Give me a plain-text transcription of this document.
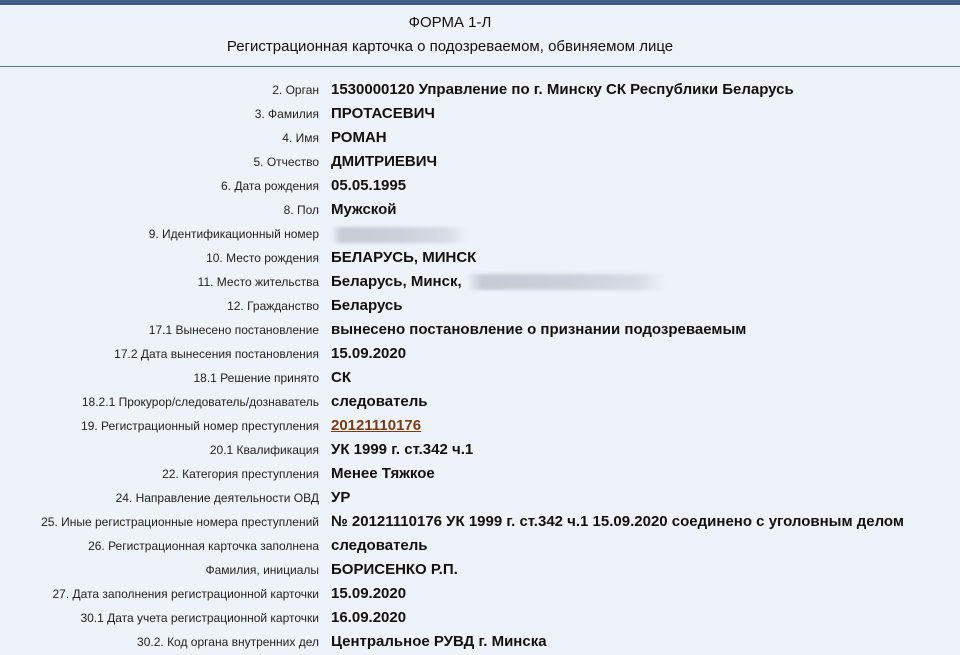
ФОРМА 1-Л
Регистрационная карточка о подозреваемом, обвиняемом лице
2. Орган 1530000120 Управление по г. Минску СК Республики Беларусь
3. Фамилия ПРОТАСЕВИЧ
4. Имя РОМАН
5. Отчество ДМИТРИЕВИЧ
6. Дата рождения 05.05.1995
8. Пол Мужской
9. Идентификационный номер
10. Место рождения БЕЛАРУСЬ, МИНСК
11. Место жительства Беларусь, Минск,
12. Гражданство Беларусь
17.1 Вынесено постановление вынесено постановление о признании подозреваемым
17.2 Дата вынесения постановления 15.09.2020
18.1 Решение принято СК
18.2.1 Прокурор/следователь/дознаватель следователь
19. Регистрационный номер преступления 20121110176
20.1 Квалификация УК 1999 г. ст.342 ч.1
22. Категория преступления Менее Тяжкое
24. Направление деятельности ОВД УР
25. Иные регистрационные номера преступлений № 20121110176 УК 1999 г. ст.342 ч.1 15.09.2020 соединено с уголовным делом
26. Регистрационная карточка заполнена следователь
Фамилия, инициалы БОРИСЕНКО Р.П.
27. Дата заполнения регистрационной карточки 15.09.2020
30.1 Дата учета регистрационной карточки 16.09.2020
30.2. Код органа внутренних дел Центральное РУВД г. Минска
